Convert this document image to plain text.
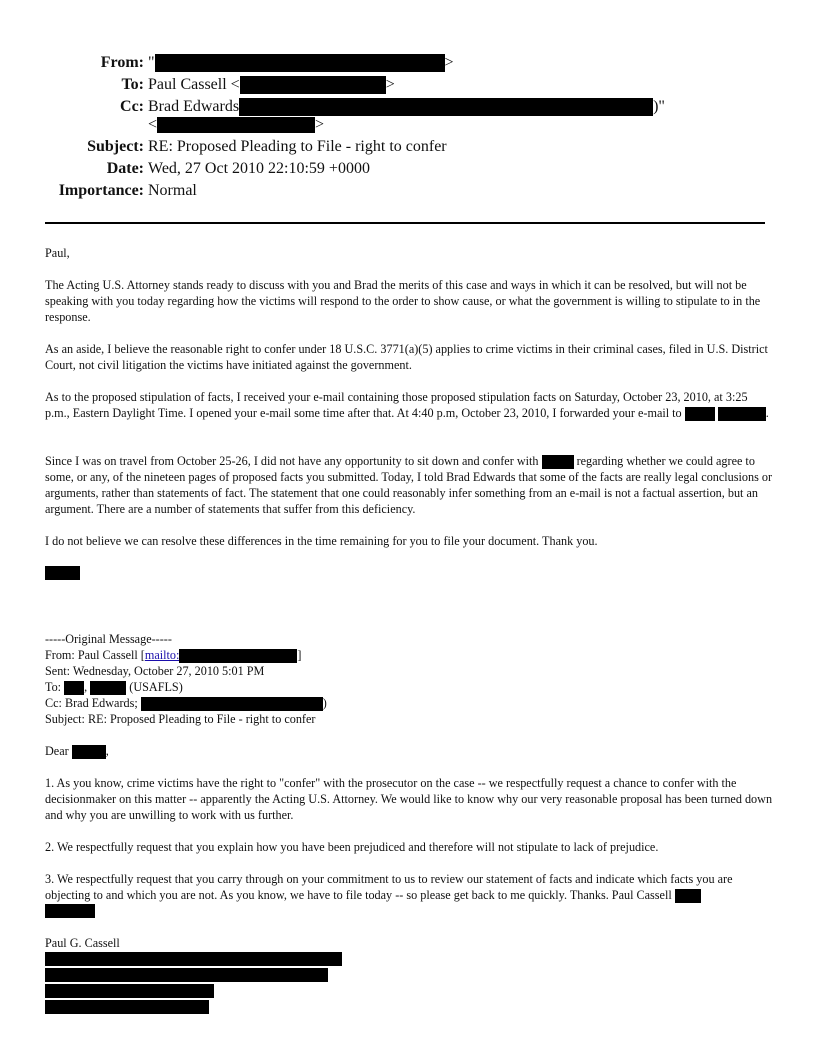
From: "	>
To: Paul Cassell <	>
Cc: Brad Edwards	)"
<	>
Subject: RE: Proposed Pleading to File - right to confer
Date: Wed, 27 Oct 2010 22:10:59 +0000
Importance: Normal
Paul,
The Acting U.S. Attorney stands ready to discuss with you and Brad the merits of this case and ways in which it can be resolved, but will not be speaking with you today regarding how the victims will respond to the order to show cause, or what the government is willing to stipulate to in the response.
As an aside, I believe the reasonable right to confer under 18 U.S.C. 3771(a)(5) applies to crime victims in their criminal cases, filed in U.S. District Court, not civil litigation the victims have initiated against the government.
As to the proposed stipulation of facts, I received your e-mail containing those proposed stipulation facts on Saturday, October 23, 2010, at 3:25 p.m., Eastern Daylight Time. I opened your e-mail some time after that. At 4:40 p.m, October 23, 2010, I forwarded your e-mail to	.
Since I was on travel from October 25-26, I did not have any opportunity to sit down and confer with	regarding whether we could agree to some, or any, of the nineteen pages of proposed facts you submitted. Today, I told Brad Edwards that some of the facts are really legal conclusions or arguments, rather than statements of fact. The statement that one could reasonably infer something from an e-mail is not a factual assertion, but an argument. There are a number of statements that suffer from this deficiency.
I do not believe we can resolve these differences in the time remaining for you to file your document. Thank you.
-----Original Message-----
From: Paul Cassell [mailto:	]
Sent: Wednesday, October 27, 2010 5:01 PM
To: ,	(USAFLS)
Cc: Brad Edwards;	)
Subject: RE: Proposed Pleading to File - right to confer
Dear	,
1. As you know, crime victims have the right to "confer" with the prosecutor on the case -- we respectfully request a chance to confer with the decisionmaker on this matter -- apparently the Acting U.S. Attorney. We would like to know why our very reasonable proposal has been turned down and why you are unwilling to work with us further.
2. We respectfully request that you explain how you have been prejudiced and therefore will not stipulate to lack of prejudice.
3. We respectfully request that you carry through on your commitment to us to review our statement of facts and indicate which facts you are objecting to and which you are not. As you know, we have to file today -- so please get back to me quickly. Thanks. Paul Cassell
Paul G. Cassell
